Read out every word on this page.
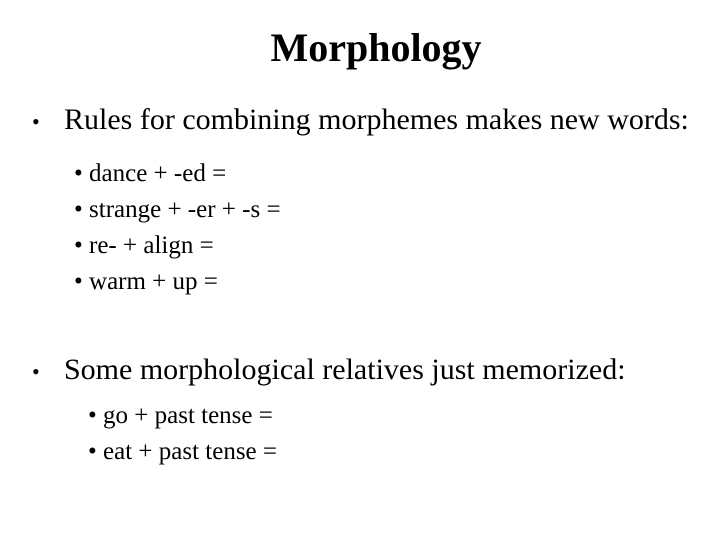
Morphology
• Rules for combining morphemes makes new words:
• dance + -ed =
• strange + -er + -s =
• re- + align =
• warm + up =
• Some morphological relatives just memorized:
• go + past tense =
• eat + past tense =
